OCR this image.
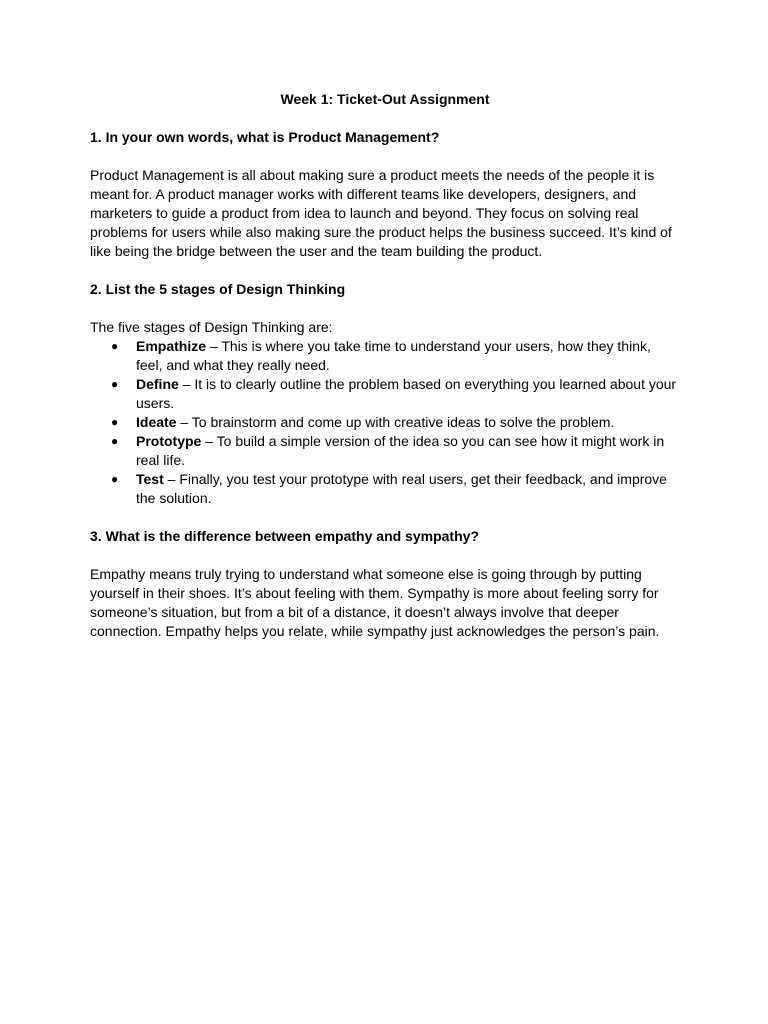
Week 1: Ticket-Out Assignment
1. In your own words, what is Product Management?
Product Management is all about making sure a product meets the needs of the people it is meant for. A product manager works with different teams like developers, designers, and marketers to guide a product from idea to launch and beyond. They focus on solving real problems for users while also making sure the product helps the business succeed. It’s kind of like being the bridge between the user and the team building the product.
2. List the 5 stages of Design Thinking
The five stages of Design Thinking are:
● Empathize – This is where you take time to understand your users, how they think, feel, and what they really need.
● Define – It is to clearly outline the problem based on everything you learned about your users.
● Ideate – To brainstorm and come up with creative ideas to solve the problem.
● Prototype – To build a simple version of the idea so you can see how it might work in real life.
● Test – Finally, you test your prototype with real users, get their feedback, and improve the solution.
3. What is the difference between empathy and sympathy?
Empathy means truly trying to understand what someone else is going through by putting yourself in their shoes. It’s about feeling with them. Sympathy is more about feeling sorry for someone’s situation, but from a bit of a distance, it doesn’t always involve that deeper connection. Empathy helps you relate, while sympathy just acknowledges the person’s pain.
